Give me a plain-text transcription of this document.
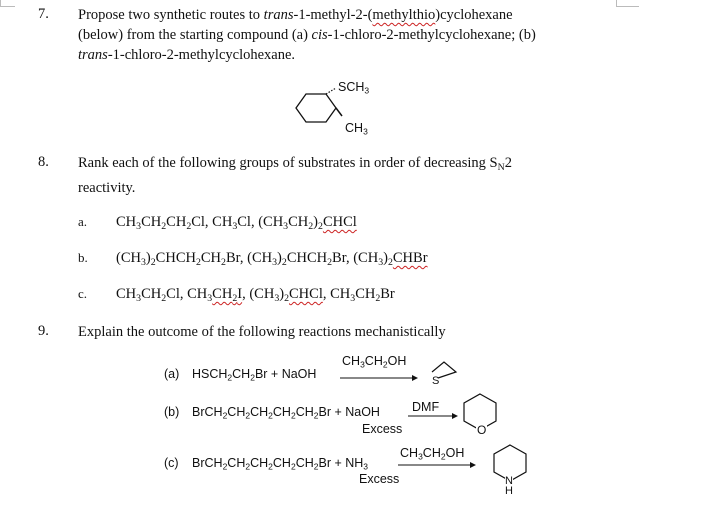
7. Propose two synthetic routes to trans-1-methyl-2-(methylthio)cyclohexane
(below) from the starting compound (a) cis-1-chloro-2-methylcyclohexane; (b)
trans-1-chloro-2-methylcyclohexane.
$SCH_3$
$CH_3$
8. Rank each of the following groups of substrates in order of decreasing $S_N2$
reactivity.
a. $CH_3CH_2CH_2Cl$, $CH_3Cl$, $(CH_3CH_2)_2CHCl$
b. $(CH_3)_2CHCH_2CH_2Br$, $(CH_3)_2CHCH_2Br$, $(CH_3)_2CHBr$
c. $CH_3CH_2Cl$, $CH_3CH_2I$, $(CH_3)_2CHCl$, $CH_3CH_2Br$
9. Explain the outcome of the following reactions mechanistically
(a) $HSCH_2CH_2Br$ + NaOH
$CH_3CH_2OH$
S
(b) $BrCH_2CH_2CH_2CH_2CH_2Br$ + NaOH
Excess
DMF
O
(c) $BrCH_2CH_2CH_2CH_2CH_2Br + NH_3$
Excess
$CH_3CH_2OH$
N
H
